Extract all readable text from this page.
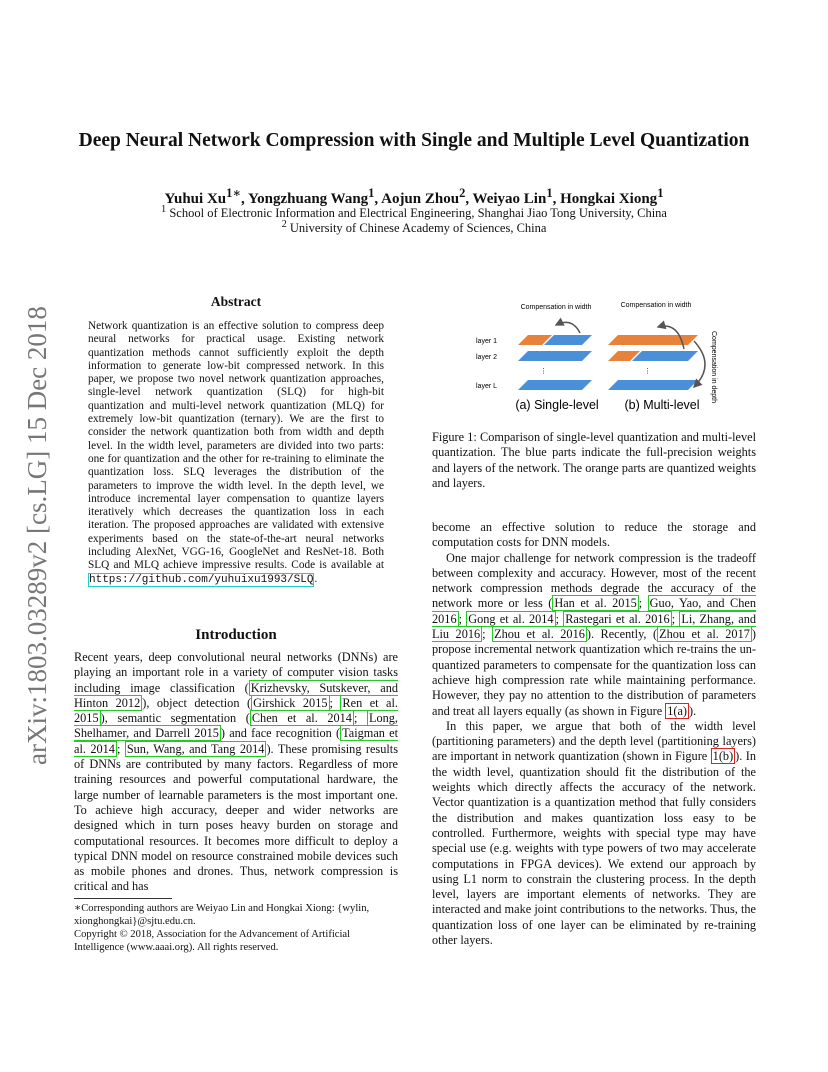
Deep Neural Network Compression with Single and Multiple Level Quantization
Yuhui $Xu^{1∗}$, Yongzhuang Wang$^1$, Aojun Zhou$^2$, Weiyao Lin$^1$, Hongkai Xiong$^1$
$^1$ School of Electronic Information and Electrical Engineering, Shanghai Jiao Tong University, China
$^2$ University of Chinese Academy of Sciences, China
arXiv:1803.03289v2 [cs.LG] 15 Dec 2018
Abstract
Network quantization is an effective solution to compress deep neural networks for practical usage. Existing network quantization methods cannot sufficiently exploit the depth information to generate low-bit compressed network. In this paper, we propose two novel network quantization approaches, single-level network quantization (SLQ) for high-bit quantization and multi-level network quantization (MLQ) for extremely low-bit quantization (ternary). We are the first to consider the network quantization both from width and depth level. In the width level, parameters are divided into two parts: one for quantization and the other for re-training to eliminate the quantization loss. SLQ leverages the distribution of the parameters to improve the width level. In the depth level, we introduce incremental layer compensation to quantize layers iteratively which decreases the quantization loss in each iteration. The proposed approaches are validated with extensive experiments based on the state-of-the-art neural networks including AlexNet, VGG-16, GoogleNet and ResNet-18. Both SLQ and MLQ achieve impressive results. Code is available at https://github.com/yuhuixu1993/SLQ.
Introduction
Recent years, deep convolutional neural networks (DNNs) are playing an important role in a variety of computer vision tasks including image classification ( Krizhevsky, Sutskever, and Hinton 2012 ), object detection ( Girshick 2015 ; Ren et al. 2015 ), semantic segmentation ( Chen et al. 2014 ; Long, Shelhamer, and Darrell 2015 ) and face recognition ( Taigman et al. 2014 ; Sun, Wang, and Tang 2014 ). These promising results of DNNs are contributed by many factors. Regardless of more training resources and powerful computational hardware, the large number of learnable parameters is the most important one. To achieve high accuracy, deeper and wider networks are designed which in turn poses heavy burden on storage and computational resources. It becomes more difficult to deploy a typical DNN model on resource constrained mobile devices such as mobile phones and drones. Thus, network compression is critical and has
∗Corresponding authors are Weiyao Lin and Hongkai Xiong: {wylin, xionghongkai}@sjtu.edu.cn.
Copyright © 2018, Association for the Advancement of Artificial Intelligence (www.aaai.org). All rights reserved.
Compensation in width
layer 1
layer 2
⋮
layer L
(a) Single-level
Compensation in width
Compensation in depth
⋮
(b) Multi-level
Figure 1: Comparison of single-level quantization and multi-level quantization. The blue parts indicate the full-precision weights and layers of the network. The orange parts are quantized weights and layers.

become an effective solution to reduce the storage and computation costs for DNN models.

One major challenge for network compression is the tradeoff between complexity and accuracy. However, most of the recent network compression methods degrade the accuracy of the network more or less ( Han et al. 2015 ; Guo, Yao, and Chen 2016 ; Gong et al. 2014 ; Rastegari et al. 2016 ; Li, Zhang, and Liu 2016 ; Zhou et al. 2016 ). Recently, ( Zhou et al. 2017 ) propose incremental network quantization which re-trains the un-quantized parameters to compensate for the quantization loss can achieve high compression rate while maintaining performance. However, they pay no attention to the distribution of parameters and treat all layers equally (as shown in Figure 1(a) ).

In this paper, we argue that both of the width level (partitioning parameters) and the depth level (partitioning layers) are important in network quantization (shown in Figure 1(b) ). In the width level, quantization should fit the distribution of the weights which directly affects the accuracy of the network. Vector quantization is a quantization method that fully considers the distribution and makes quantization loss easy to be controlled. Furthermore, weights with special type may have special use (e.g. weights with type powers of two may accelerate computations in FPGA devices). We extend our approach by using L1 norm to constrain the clustering process. In the depth level, layers are important elements of networks. They are interacted and make joint contributions to the networks. Thus, the quantization loss of one layer can be eliminated by re-training other layers.
